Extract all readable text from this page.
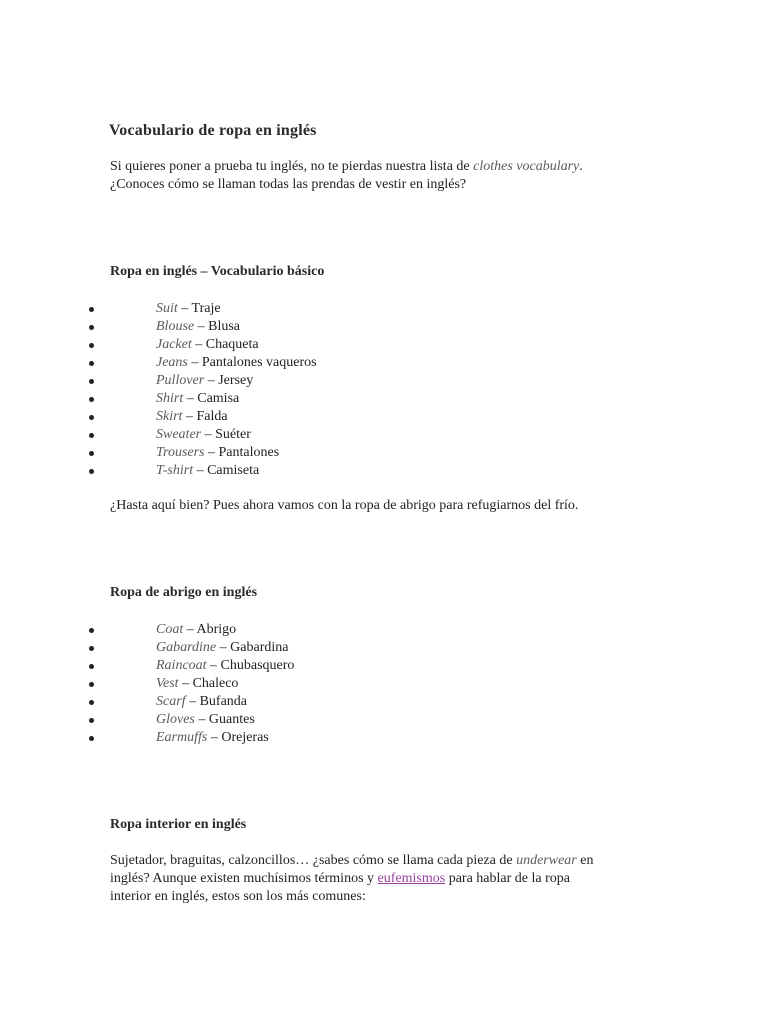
Vocabulario de ropa en inglés
Si quieres poner a prueba tu inglés, no te pierdas nuestra lista de clothes vocabulary.
¿Conoces cómo se llaman todas las prendas de vestir en inglés?
Ropa en inglés – Vocabulario básico
Suit – Traje
Blouse – Blusa
Jacket – Chaqueta
Jeans – Pantalones vaqueros
Pullover – Jersey
Shirt – Camisa
Skirt – Falda
Sweater – Suéter
Trousers – Pantalones
T-shirt – Camiseta
¿Hasta aquí bien? Pues ahora vamos con la ropa de abrigo para refugiarnos del frío.
Ropa de abrigo en inglés
Coat – Abrigo
Gabardine – Gabardina
Raincoat – Chubasquero
Vest – Chaleco
Scarf – Bufanda
Gloves – Guantes
Earmuffs – Orejeras
Ropa interior en inglés
Sujetador, braguitas, calzoncillos… ¿sabes cómo se llama cada pieza de underwear en
inglés? Aunque existen muchísimos términos y eufemismos para hablar de la ropa
interior en inglés, estos son los más comunes:
